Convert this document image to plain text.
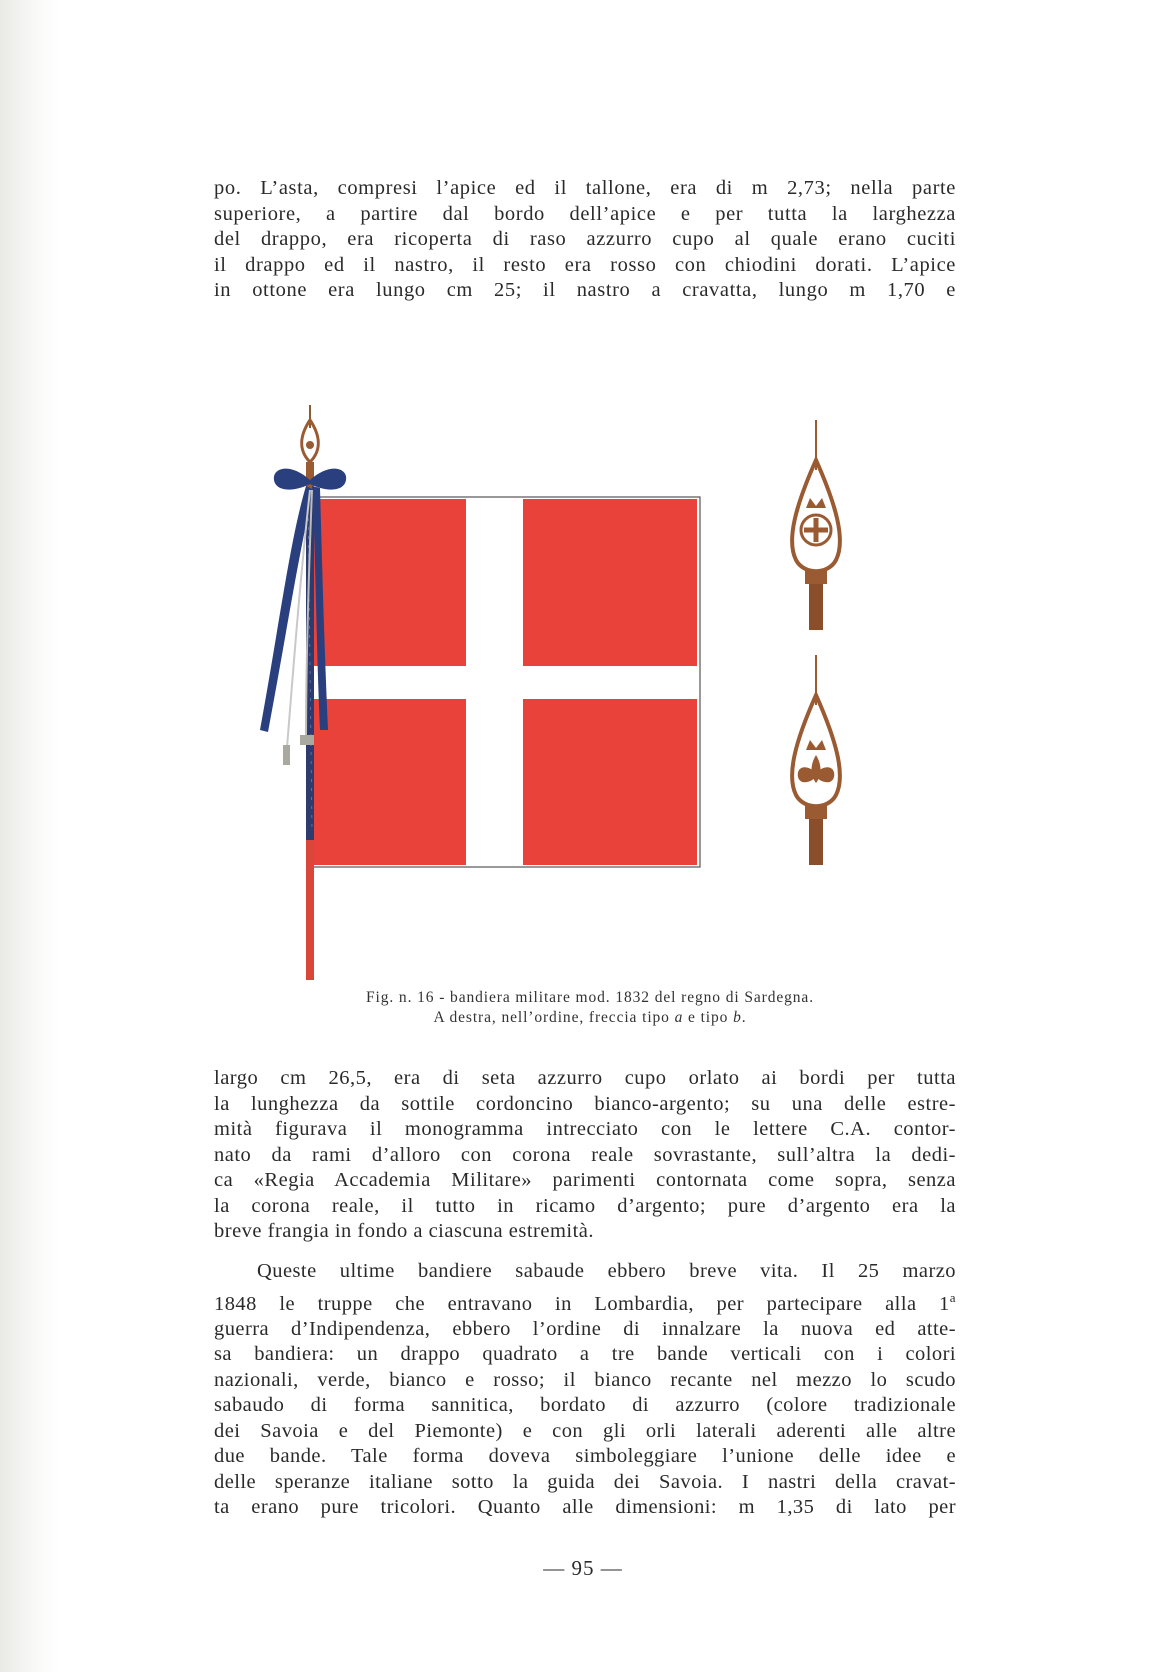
po. L’asta, compresi l’apice ed il tallone, era di m 2,73; nella parte
superiore, a partire dal bordo dell’apice e per tutta la larghezza
del drappo, era ricoperta di raso azzurro cupo al quale erano cuciti
il drappo ed il nastro, il resto era rosso con chiodini dorati. L’apice
in ottone era lungo cm 25; il nastro a cravatta, lungo m 1,70 e
Fig. n. 16 - bandiera militare mod. 1832 del regno di Sardegna.
A destra, nell’ordine, freccia tipo a e tipo b.
largo cm 26,5, era di seta azzurro cupo orlato ai bordi per tutta
la lunghezza da sottile cordoncino bianco-argento; su una delle estre-
mità figurava il monogramma intrecciato con le lettere C.A. contor-
nato da rami d’alloro con corona reale sovrastante, sull’altra la dedi-
ca «Regia Accademia Militare» parimenti contornata come sopra, senza
la corona reale, il tutto in ricamo d’argento; pure d’argento era la
breve frangia in fondo a ciascuna estremità.
Queste ultime bandiere sabaude ebbero breve vita. Il 25 marzo
1848 le truppe che entravano in Lombardia, per partecipare alla 1$^a$
guerra d’Indipendenza, ebbero l’ordine di innalzare la nuova ed atte-
sa bandiera: un drappo quadrato a tre bande verticali con i colori
nazionali, verde, bianco e rosso; il bianco recante nel mezzo lo scudo
sabaudo di forma sannitica, bordato di azzurro (colore tradizionale
dei Savoia e del Piemonte) e con gli orli laterali aderenti alle altre
due bande. Tale forma doveva simboleggiare l’unione delle idee e
delle speranze italiane sotto la guida dei Savoia. I nastri della cravat-
ta erano pure tricolori. Quanto alle dimensioni: m 1,35 di lato per
— 95 —
